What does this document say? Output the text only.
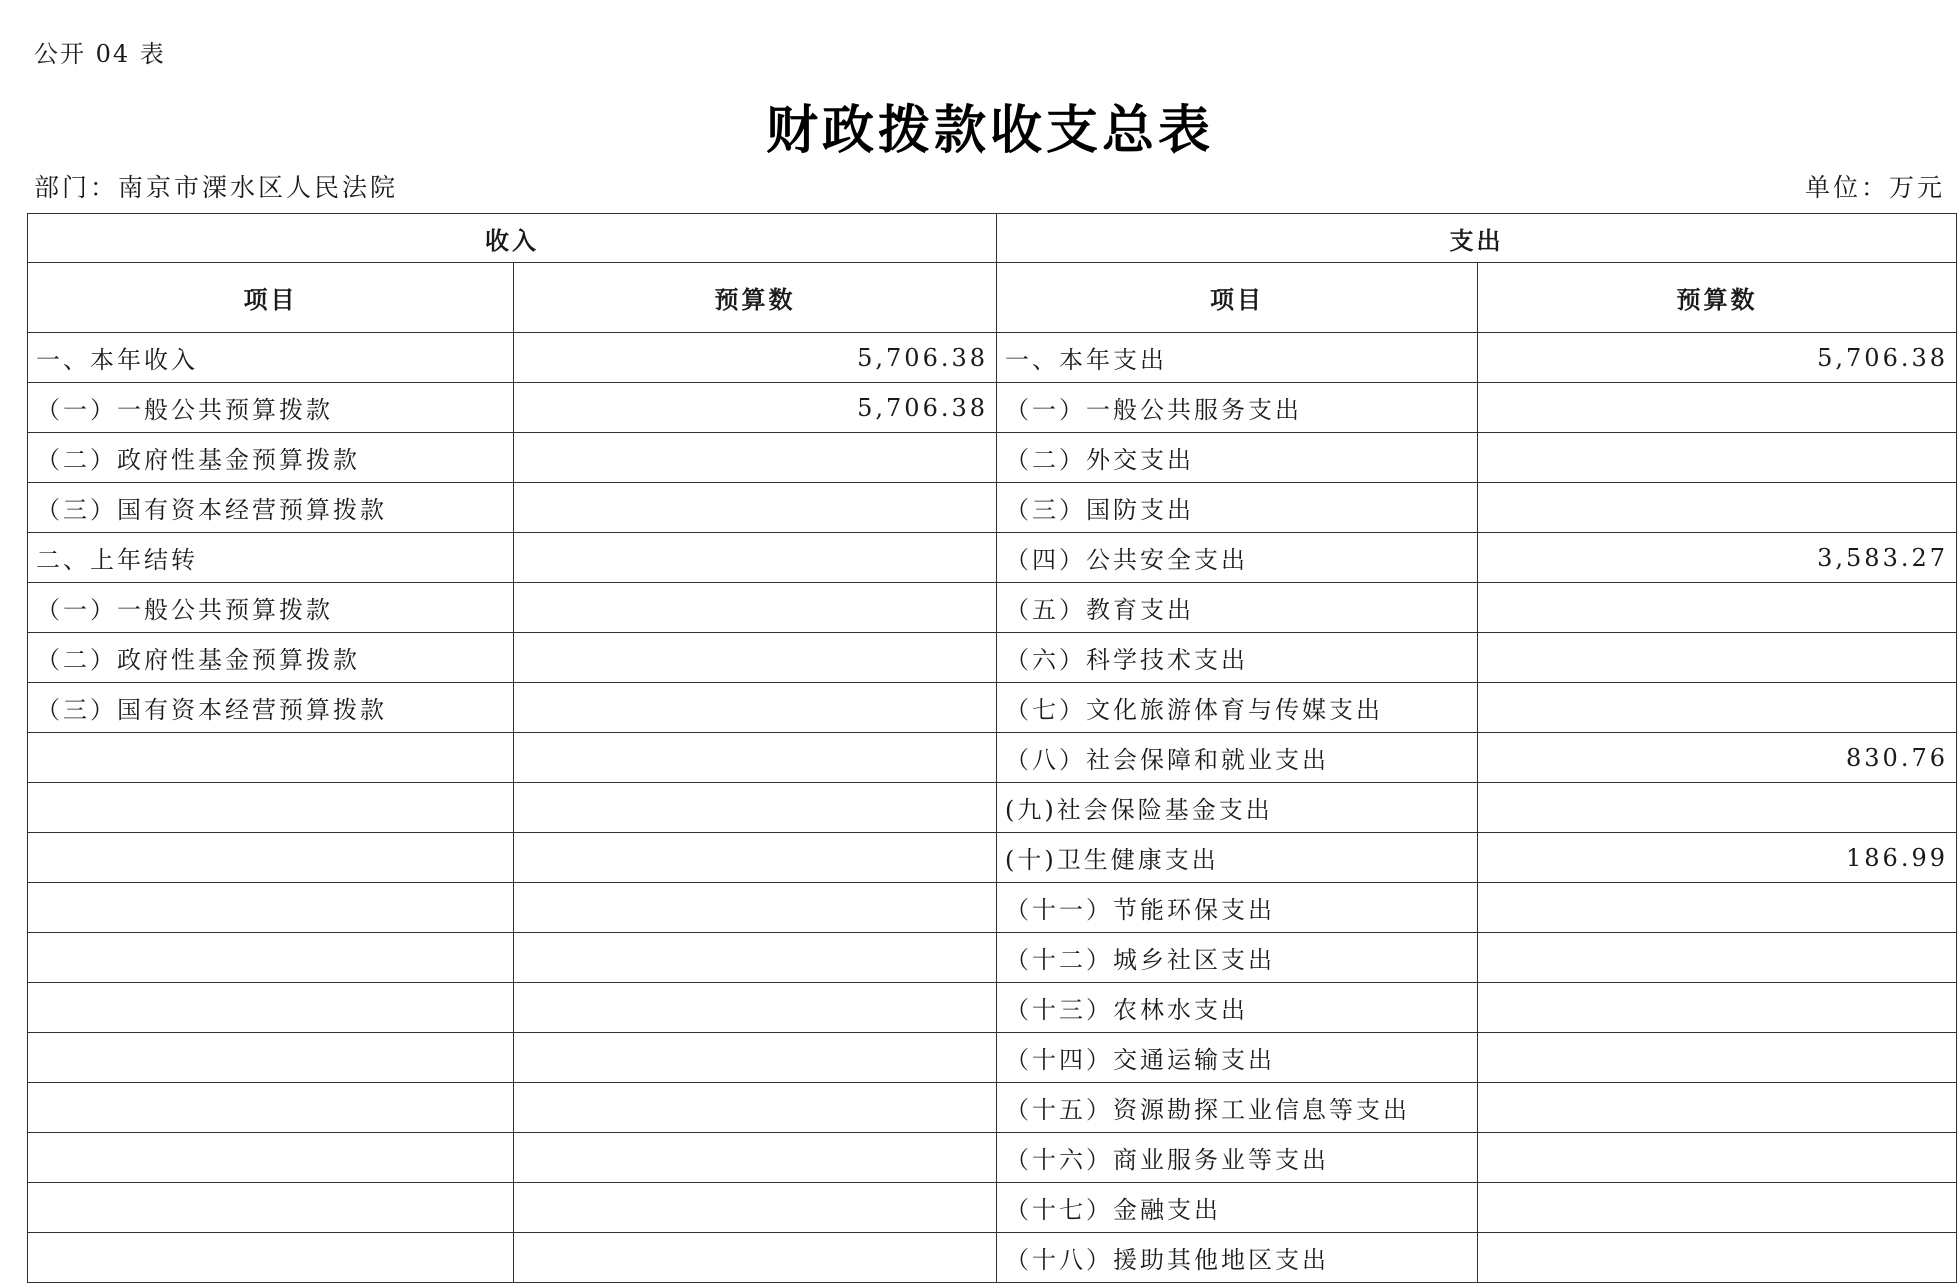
公开 04 表
财政拨款收支总表
部门：南京市溧水区人民法院	单位：万元
收入		支出	
项目	预算数	项目	预算数
一、本年收入	5,706.38	一、本年支出	5,706.38
（一）一般公共预算拨款	5,706.38	（一）一般公共服务支出	
（二）政府性基金预算拨款		（二）外交支出	
（三）国有资本经营预算拨款		（三）国防支出	
二、上年结转		（四）公共安全支出	3,583.27
（一）一般公共预算拨款		（五）教育支出	
（二）政府性基金预算拨款		（六）科学技术支出	
（三）国有资本经营预算拨款		（七）文化旅游体育与传媒支出	
		（八）社会保障和就业支出	830.76
		(九)社会保险基金支出	
		(十)卫生健康支出	186.99
		（十一）节能环保支出	
		（十二）城乡社区支出	
		（十三）农林水支出	
		（十四）交通运输支出	
		（十五）资源勘探工业信息等支出	
		（十六）商业服务业等支出	
		（十七）金融支出	
		（十八）援助其他地区支出	
